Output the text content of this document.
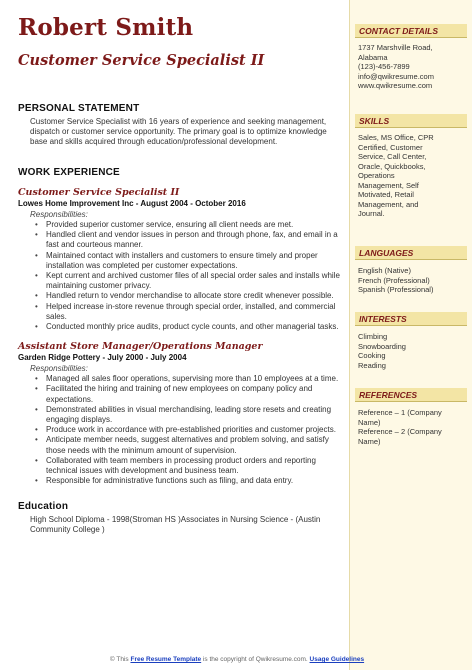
Robert Smith
Customer Service Specialist II
PERSONAL STATEMENT

Customer Service Specialist with 16 years of experience and seeking management, dispatch or customer service opportunity. The primary goal is to optimize knowledge base and skills acquired through education/professional development.

WORK EXPERIENCE
Customer Service Specialist II
Lowes Home Improvement Inc - August 2004 - October 2016
Responsibilities:
• Provided superior customer service, ensuring all client needs are met.
• Handled client and vendor issues in person and through phone, fax, and email in a fast and courteous manner.
• Maintained contact with installers and customers to ensure timely and proper installation was completed per customer expectations.
• Kept current and archived customer files of all special order sales and installs while maintaining customer privacy.
• Handled return to vendor merchandise to allocate store credit whenever possible.
• Helped increase in-store revenue through special order, installed, and commercial sales.
• Conducted monthly price audits, product cycle counts, and other managerial tasks.
Assistant Store Manager/Operations Manager
Garden Ridge Pottery - July 2000 - July 2004
Responsibilities:
• Managed all sales floor operations, supervising more than 10 employees at a time.
• Facilitated the hiring and training of new employees on company policy and expectations.
• Demonstrated abilities in visual merchandising, leading store resets and creating engaging displays.
• Produce work in accordance with pre-established priorities and customer projects.
• Anticipate member needs, suggest alternatives and problem solving, and satisfy those needs with the minimum amount of supervision.
• Collaborated with team members in processing product orders and reporting technical issues with development and business team.
• Responsible for administrative functions such as filing, and data entry.
Education

High School Diploma - 1998(Stroman HS )Associates in Nursing Science - (Austin Community College )

CONTACT DETAILS
1737 Marshville Road,
Alabama
(123)-456-7899
info@qwikresume.com
www.qwikresume.com
SKILLS
Sales, MS Office, CPR
Certified, Customer
Service, Call Center,
Oracle, Quickbooks,
Operations
Management, Self
Motivated, Retail
Management, and
Journal.
LANGUAGES
English (Native)
French (Professional)
Spanish (Professional)
INTERESTS
Climbing
Snowboarding
Cooking
Reading
REFERENCES
Reference – 1 (Company
Name)
Reference – 2 (Company
Name)
© This Free Resume Template is the copyright of Qwikresume.com. Usage Guidelines
